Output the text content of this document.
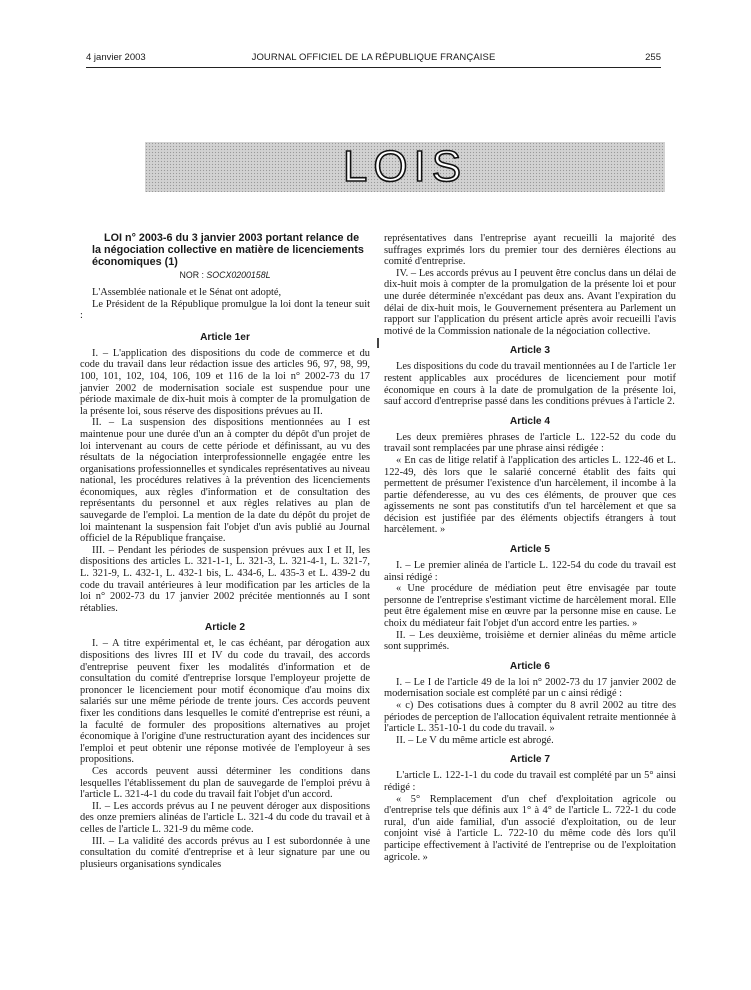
4 janvier 2003	JOURNAL OFFICIEL DE LA RÉPUBLIQUE FRANÇAISE	255
LOIS

LOI n° 2003-6 du 3 janvier 2003 portant relance de la négociation collective en matière de licenciements économiques (1)

NOR : SOCX0200158L

L'Assemblée nationale et le Sénat ont adopté,

Le Président de la République promulgue la loi dont la teneur suit :

Article 1er

I. – L'application des dispositions du code de commerce et du code du travail dans leur rédaction issue des articles 96, 97, 98, 99, 100, 101, 102, 104, 106, 109 et 116 de la loi n° 2002-73 du 17 janvier 2002 de modernisation sociale est suspendue pour une période maximale de dix-huit mois à compter de la promulgation de la présente loi, sous réserve des dispositions prévues au II.

II. – La suspension des dispositions mentionnées au I est maintenue pour une durée d'un an à compter du dépôt d'un projet de loi intervenant au cours de cette période et définissant, au vu des résultats de la négociation interprofessionnelle engagée entre les organisations professionnelles et syndicales représentatives au niveau national, les procédures relatives à la prévention des licenciements économiques, aux règles d'information et de consultation des représentants du personnel et aux règles relatives au plan de sauvegarde de l'emploi. La mention de la date du dépôt du projet de loi maintenant la suspension fait l'objet d'un avis publié au Journal officiel de la République française.

III. – Pendant les périodes de suspension prévues aux I et II, les dispositions des articles L. 321-1-1, L. 321-3, L. 321-4-1, L. 321-7, L. 321-9, L. 432-1, L. 432-1 bis, L. 434-6, L. 435-3 et L. 439-2 du code du travail antérieures à leur modification par les articles de la loi n° 2002-73 du 17 janvier 2002 précitée mentionnés au I sont rétablies.

Article 2

I. – A titre expérimental et, le cas échéant, par dérogation aux dispositions des livres III et IV du code du travail, des accords d'entreprise peuvent fixer les modalités d'information et de consultation du comité d'entreprise lorsque l'employeur projette de prononcer le licenciement pour motif économique d'au moins dix salariés sur une même période de trente jours. Ces accords peuvent fixer les conditions dans lesquelles le comité d'entreprise est réuni, a la faculté de formuler des propositions alternatives au projet économique à l'origine d'une restructuration ayant des incidences sur l'emploi et peut obtenir une réponse motivée de l'employeur à ses propositions.

Ces accords peuvent aussi déterminer les conditions dans lesquelles l'établissement du plan de sauvegarde de l'emploi prévu à l'article L. 321-4-1 du code du travail fait l'objet d'un accord.

II. – Les accords prévus au I ne peuvent déroger aux dispositions des onze premiers alinéas de l'article L. 321-4 du code du travail et à celles de l'article L. 321-9 du même code.

III. – La validité des accords prévus au I est subordonnée à une consultation du comité d'entreprise et à leur signature par une ou plusieurs organisations syndicales

représentatives dans l'entreprise ayant recueilli la majorité des suffrages exprimés lors du premier tour des dernières élections au comité d'entreprise.

IV. – Les accords prévus au I peuvent être conclus dans un délai de dix-huit mois à compter de la promulgation de la présente loi et pour une durée déterminée n'excédant pas deux ans. Avant l'expiration du délai de dix-huit mois, le Gouvernement présentera au Parlement un rapport sur l'application du présent article après avoir recueilli l'avis motivé de la Commission nationale de la négociation collective.

Article 3

Les dispositions du code du travail mentionnées au I de l'article 1er restent applicables aux procédures de licenciement pour motif économique en cours à la date de promulgation de la présente loi, sauf accord d'entreprise passé dans les conditions prévues à l'article 2.

Article 4

Les deux premières phrases de l'article L. 122-52 du code du travail sont remplacées par une phrase ainsi rédigée :

« En cas de litige relatif à l'application des articles L. 122-46 et L. 122-49, dès lors que le salarié concerné établit des faits qui permettent de présumer l'existence d'un harcèlement, il incombe à la partie défenderesse, au vu des ces éléments, de prouver que ces agissements ne sont pas constitutifs d'un tel harcèlement et que sa décision est justifiée par des éléments objectifs étrangers à tout harcèlement. »

Article 5

I. – Le premier alinéa de l'article L. 122-54 du code du travail est ainsi rédigé :

« Une procédure de médiation peut être envisagée par toute personne de l'entreprise s'estimant victime de harcèlement moral. Elle peut être également mise en œuvre par la personne mise en cause. Le choix du médiateur fait l'objet d'un accord entre les parties. »

II. – Les deuxième, troisième et dernier alinéas du même article sont supprimés.

Article 6

I. – Le I de l'article 49 de la loi n° 2002-73 du 17 janvier 2002 de modernisation sociale est complété par un c ainsi rédigé :

« c) Des cotisations dues à compter du 8 avril 2002 au titre des périodes de perception de l'allocation équivalent retraite mentionnée à l'article L. 351-10-1 du code du travail. »

II. – Le V du même article est abrogé.

Article 7

L'article L. 122-1-1 du code du travail est complété par un 5° ainsi rédigé :

« 5° Remplacement d'un chef d'exploitation agricole ou d'entreprise tels que définis aux 1° à 4° de l'article L. 722-1 du code rural, d'un aide familial, d'un associé d'exploitation, ou de leur conjoint visé à l'article L. 722-10 du même code dès lors qu'il participe effectivement à l'activité de l'entreprise ou de l'exploitation agricole. »
